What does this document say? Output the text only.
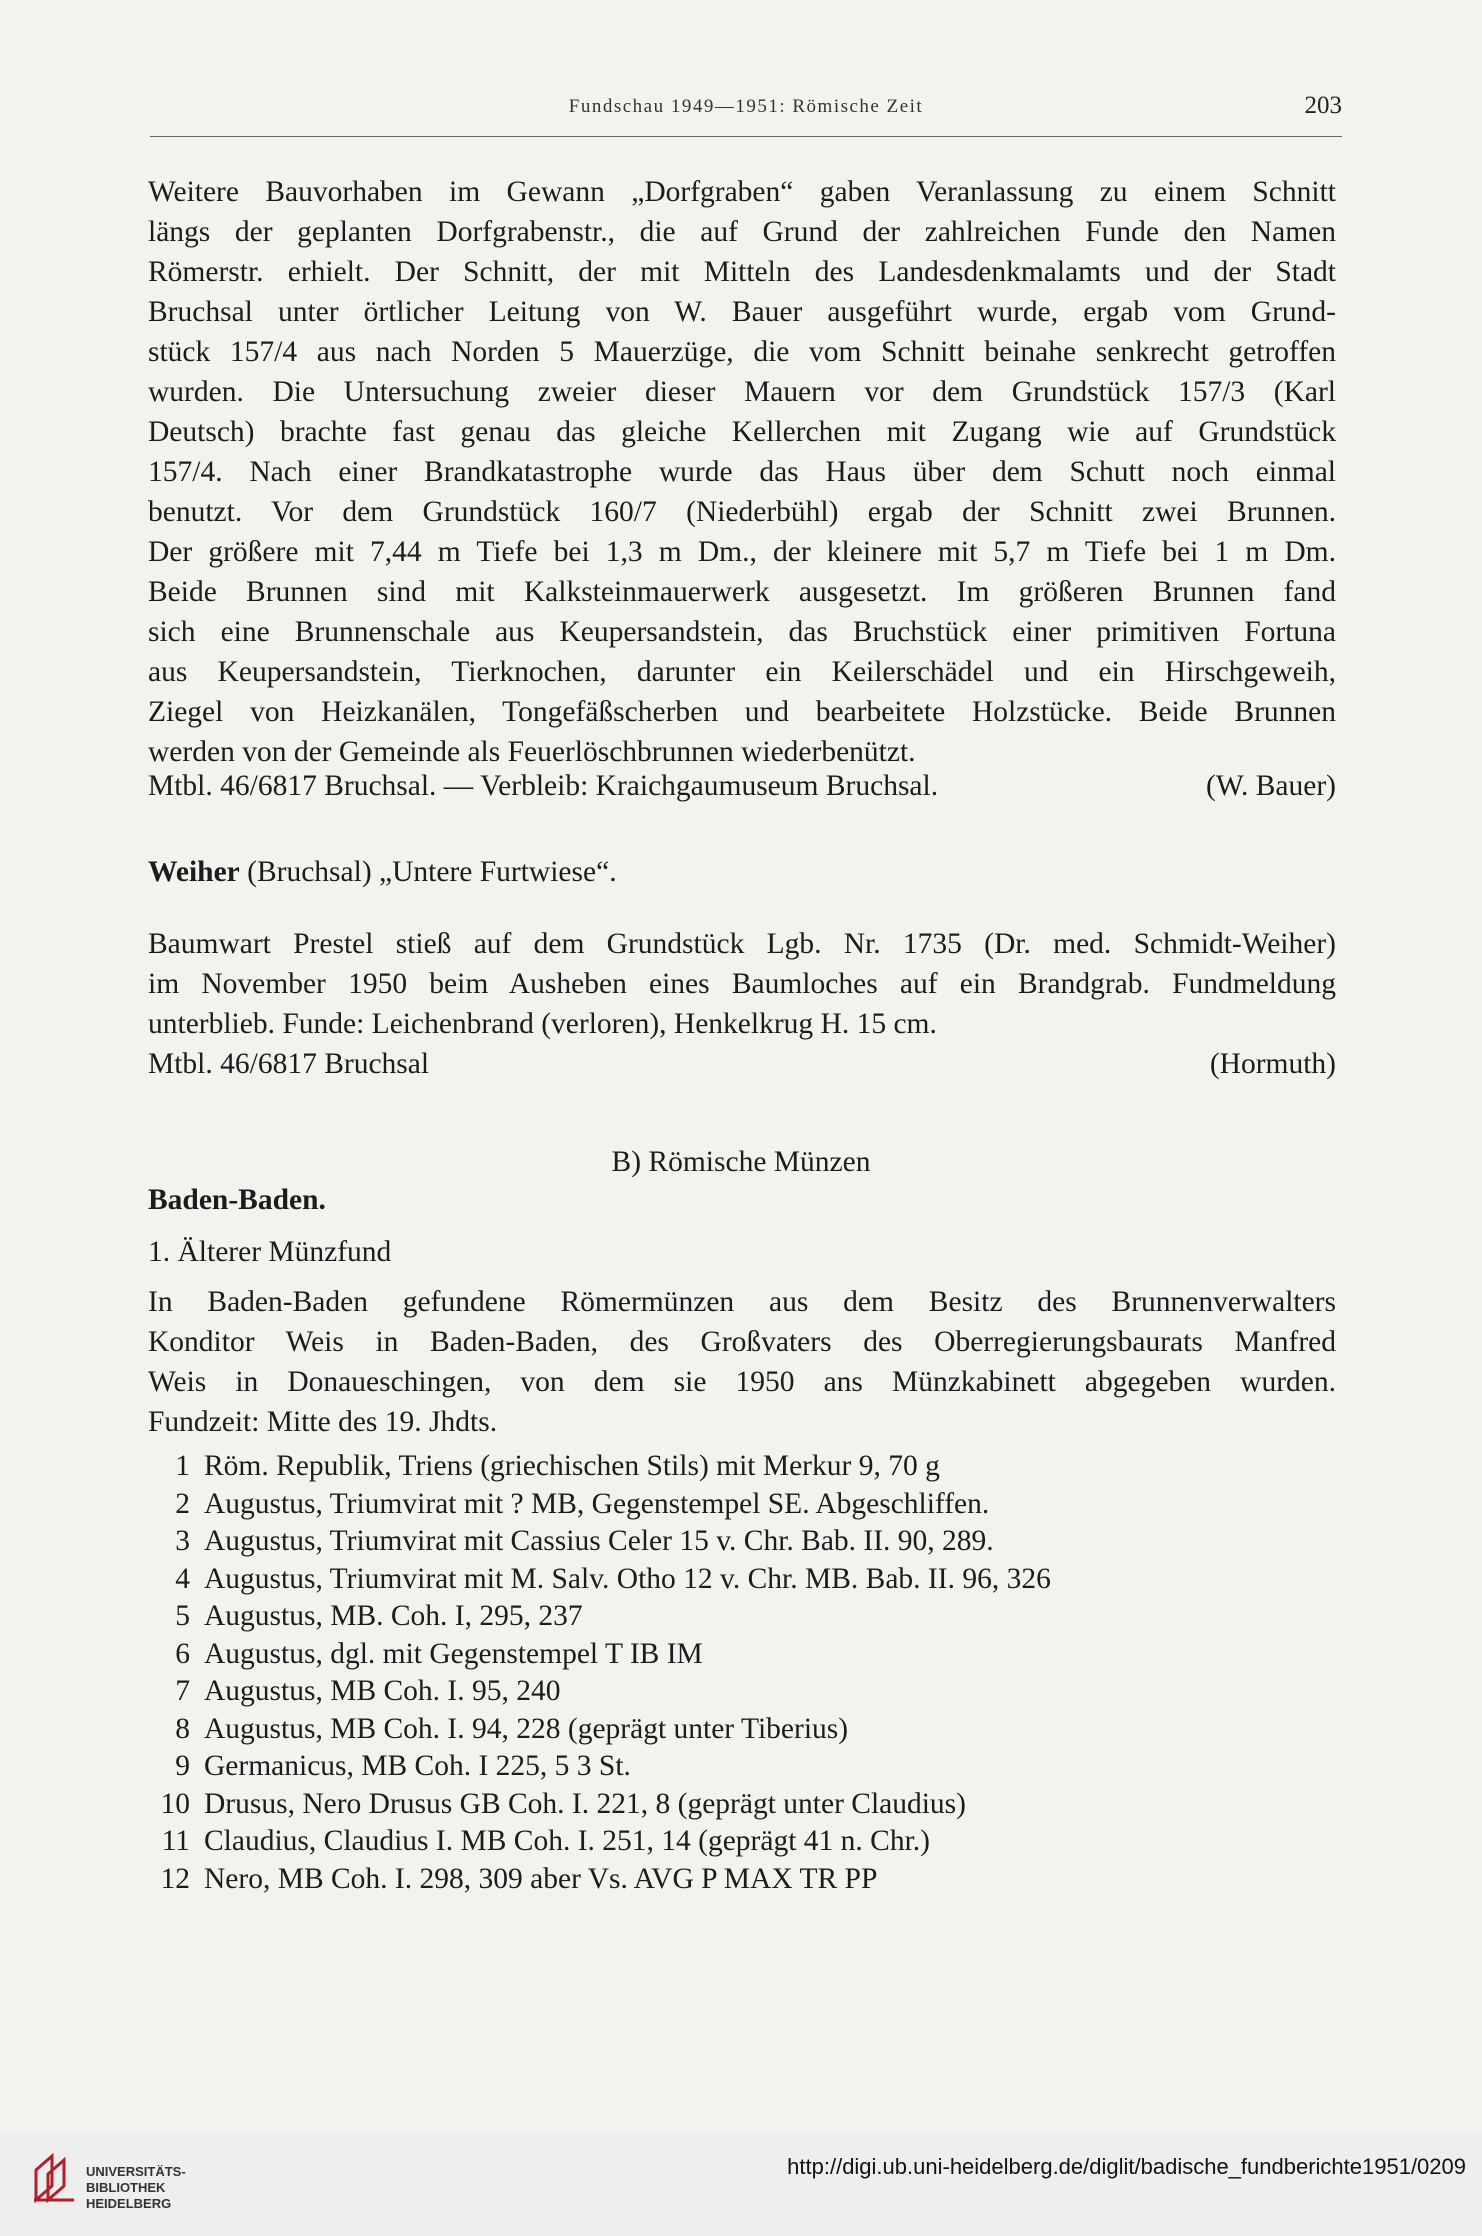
Fundschau 1949—1951: Römische Zeit	203

Weitere Bauvorhaben im Gewann „Dorfgraben“ gaben Veranlassung zu einem Schnitt
längs der geplanten Dorfgrabenstr., die auf Grund der zahlreichen Funde den Namen
Römerstr. erhielt. Der Schnitt, der mit Mitteln des Landesdenkmalamts und der Stadt
Bruchsal unter örtlicher Leitung von W. Bauer ausgeführt wurde, ergab vom Grund-
stück 157/4 aus nach Norden 5 Mauerzüge, die vom Schnitt beinahe senkrecht getroffen
wurden. Die Untersuchung zweier dieser Mauern vor dem Grundstück 157/3 (Karl
Deutsch) brachte fast genau das gleiche Kellerchen mit Zugang wie auf Grundstück
157/4. Nach einer Brandkatastrophe wurde das Haus über dem Schutt noch einmal
benutzt. Vor dem Grundstück 160/7 (Niederbühl) ergab der Schnitt zwei Brunnen.
Der größere mit 7,44 m Tiefe bei 1,3 m Dm., der kleinere mit 5,7 m Tiefe bei 1 m Dm.
Beide Brunnen sind mit Kalksteinmauerwerk ausgesetzt. Im größeren Brunnen fand
sich eine Brunnenschale aus Keupersandstein, das Bruchstück einer primitiven Fortuna
aus Keupersandstein, Tierknochen, darunter ein Keilerschädel und ein Hirschgeweih,
Ziegel von Heizkanälen, Tongefäßscherben und bearbeitete Holzstücke. Beide Brunnen
werden von der Gemeinde als Feuerlöschbrunnen wiederbenützt.

Mtbl. 46/6817 Bruchsal. — Verbleib: Kraichgaumuseum Bruchsal.	(W. Bauer)
Weiher (Bruchsal) „Untere Furtwiese“.

Baumwart Prestel stieß auf dem Grundstück Lgb. Nr. 1735 (Dr. med. Schmidt-Weiher)
im November 1950 beim Ausheben eines Baumloches auf ein Brandgrab. Fundmeldung
unterblieb. Funde: Leichenbrand (verloren), Henkelkrug H. 15 cm.

Mtbl. 46/6817 Bruchsal	(Hormuth)
B) Römische Münzen
Baden-Baden.
1. Älterer Münzfund

In Baden-Baden gefundene Römermünzen aus dem Besitz des Brunnenverwalters
Konditor Weis in Baden-Baden, des Großvaters des Oberregierungsbaurats Manfred
Weis in Donaueschingen, von dem sie 1950 ans Münzkabinett abgegeben wurden.
Fundzeit: Mitte des 19. Jhdts.

1 Röm. Republik, Triens (griechischen Stils) mit Merkur 9, 70 g
2 Augustus, Triumvirat mit ? MB, Gegenstempel SE. Abgeschliffen.
3 Augustus, Triumvirat mit Cassius Celer 15 v. Chr. Bab. II. 90, 289.
4 Augustus, Triumvirat mit M. Salv. Otho 12 v. Chr. MB. Bab. II. 96, 326
5 Augustus, MB. Coh. I, 295, 237
6 Augustus, dgl. mit Gegenstempel T IB IM
7 Augustus, MB Coh. I. 95, 240
8 Augustus, MB Coh. I. 94, 228 (geprägt unter Tiberius)
9 Germanicus, MB Coh. I 225, 5 3 St.
10 Drusus, Nero Drusus GB Coh. I. 221, 8 (geprägt unter Claudius)
11 Claudius, Claudius I. MB Coh. I. 251, 14 (geprägt 41 n. Chr.)
12 Nero, MB Coh. I. 298, 309 aber Vs. AVG P MAX TR PP
UNIVERSITÄTS-
BIBLIOTHEK
HEIDELBERG
http://digi.ub.uni-heidelberg.de/diglit/badische_fundberichte1951/0209
